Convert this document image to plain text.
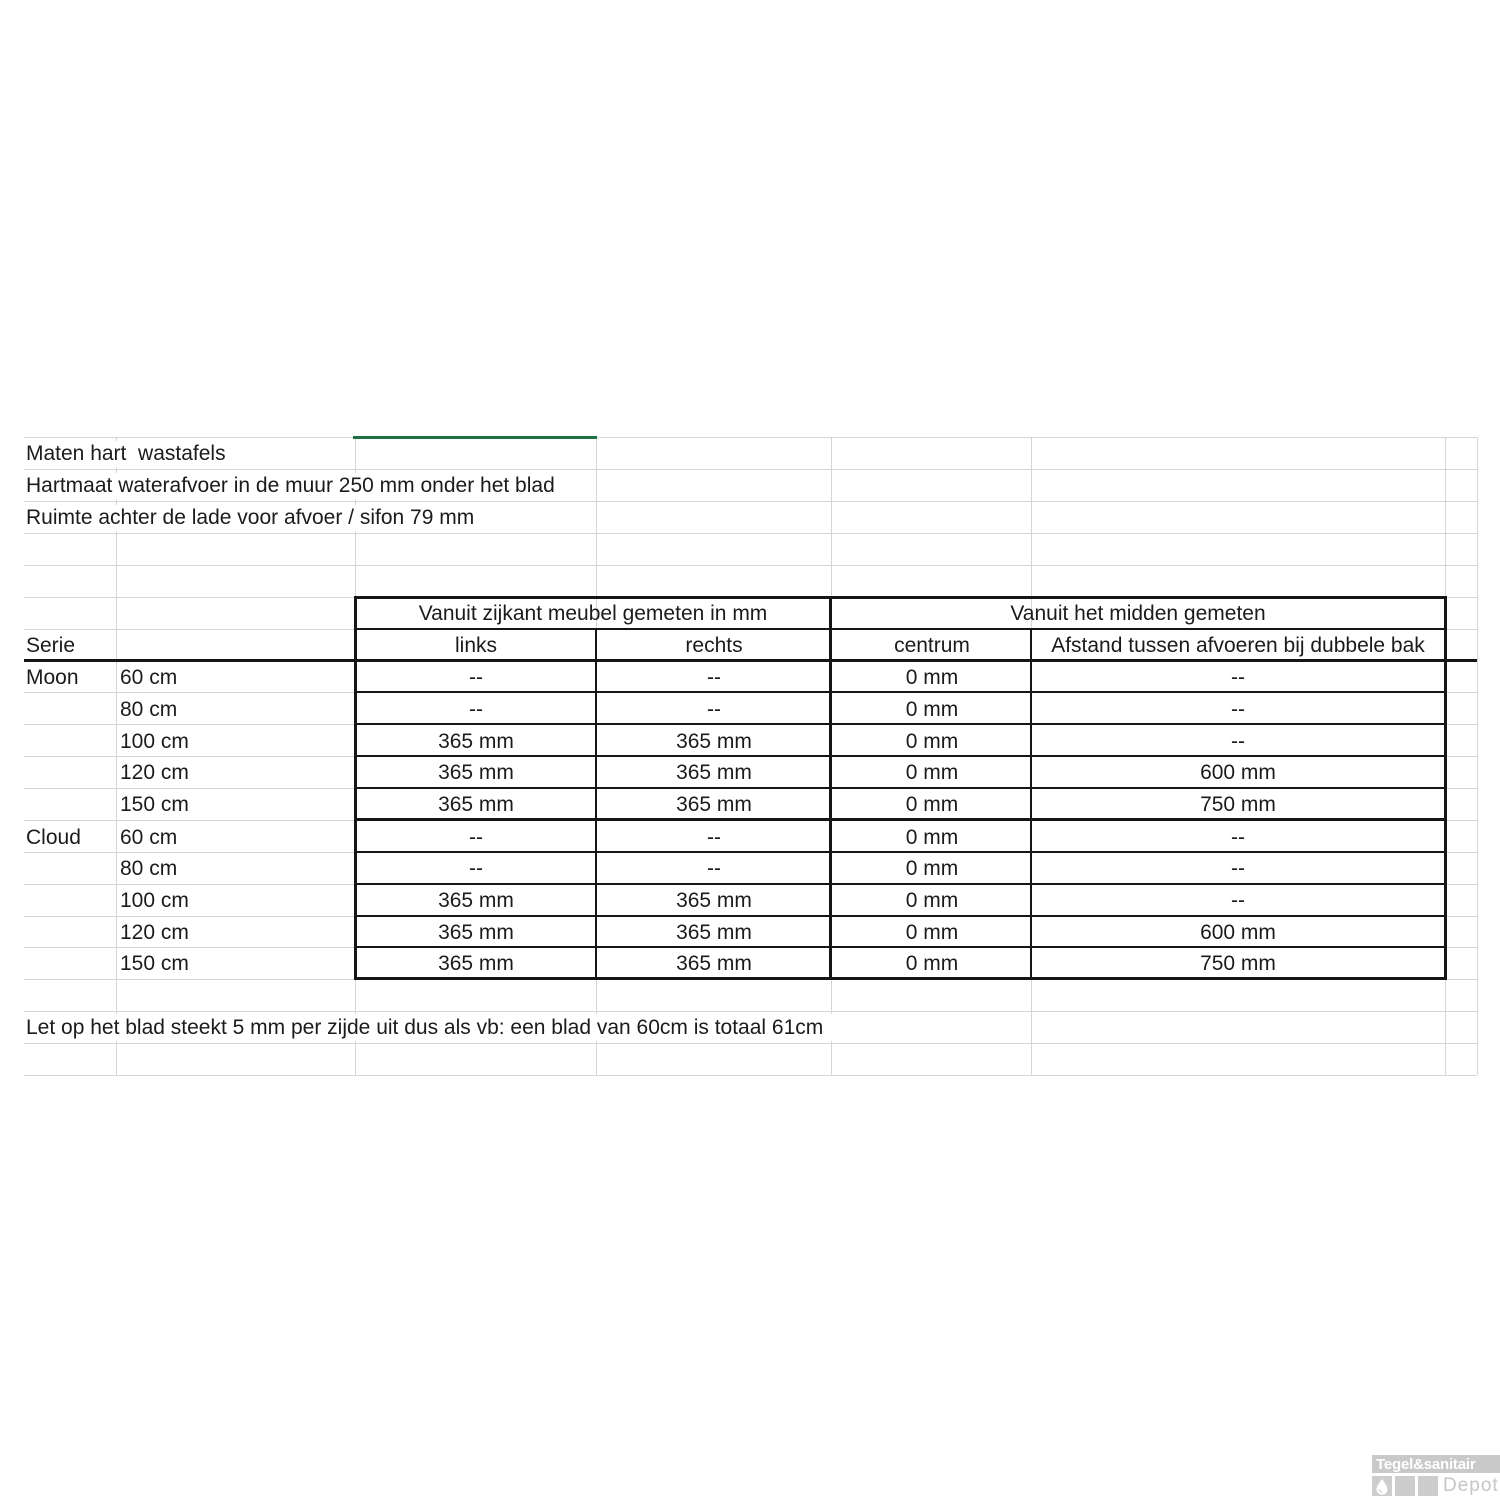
Maten hart  wastafels
Hartmaat waterafvoer in de muur 250 mm onder het blad
Ruimte achter de lade voor afvoer / sifon 79 mm
Vanuit zijkant meubel gemeten in mm	Vanuit het midden gemeten
Serie	links	rechts	centrum	Afstand tussen afvoeren bij dubbele bak
Moon 60 cm	--	--	0 mm	--
80 cm	--	--	0 mm	--
100 cm	365 mm	365 mm	0 mm	--
120 cm	365 mm	365 mm	0 mm	600 mm
150 cm	365 mm	365 mm	0 mm	750 mm
Cloud 60 cm	--	--	0 mm	--
80 cm	--	--	0 mm	--
100 cm	365 mm	365 mm	0 mm	--
120 cm	365 mm	365 mm	0 mm	600 mm
150 cm	365 mm	365 mm	0 mm	750 mm
Let op het blad steekt 5 mm per zijde uit dus als vb: een blad van 60cm is totaal 61cm
Tegel&sanitair
Depot
